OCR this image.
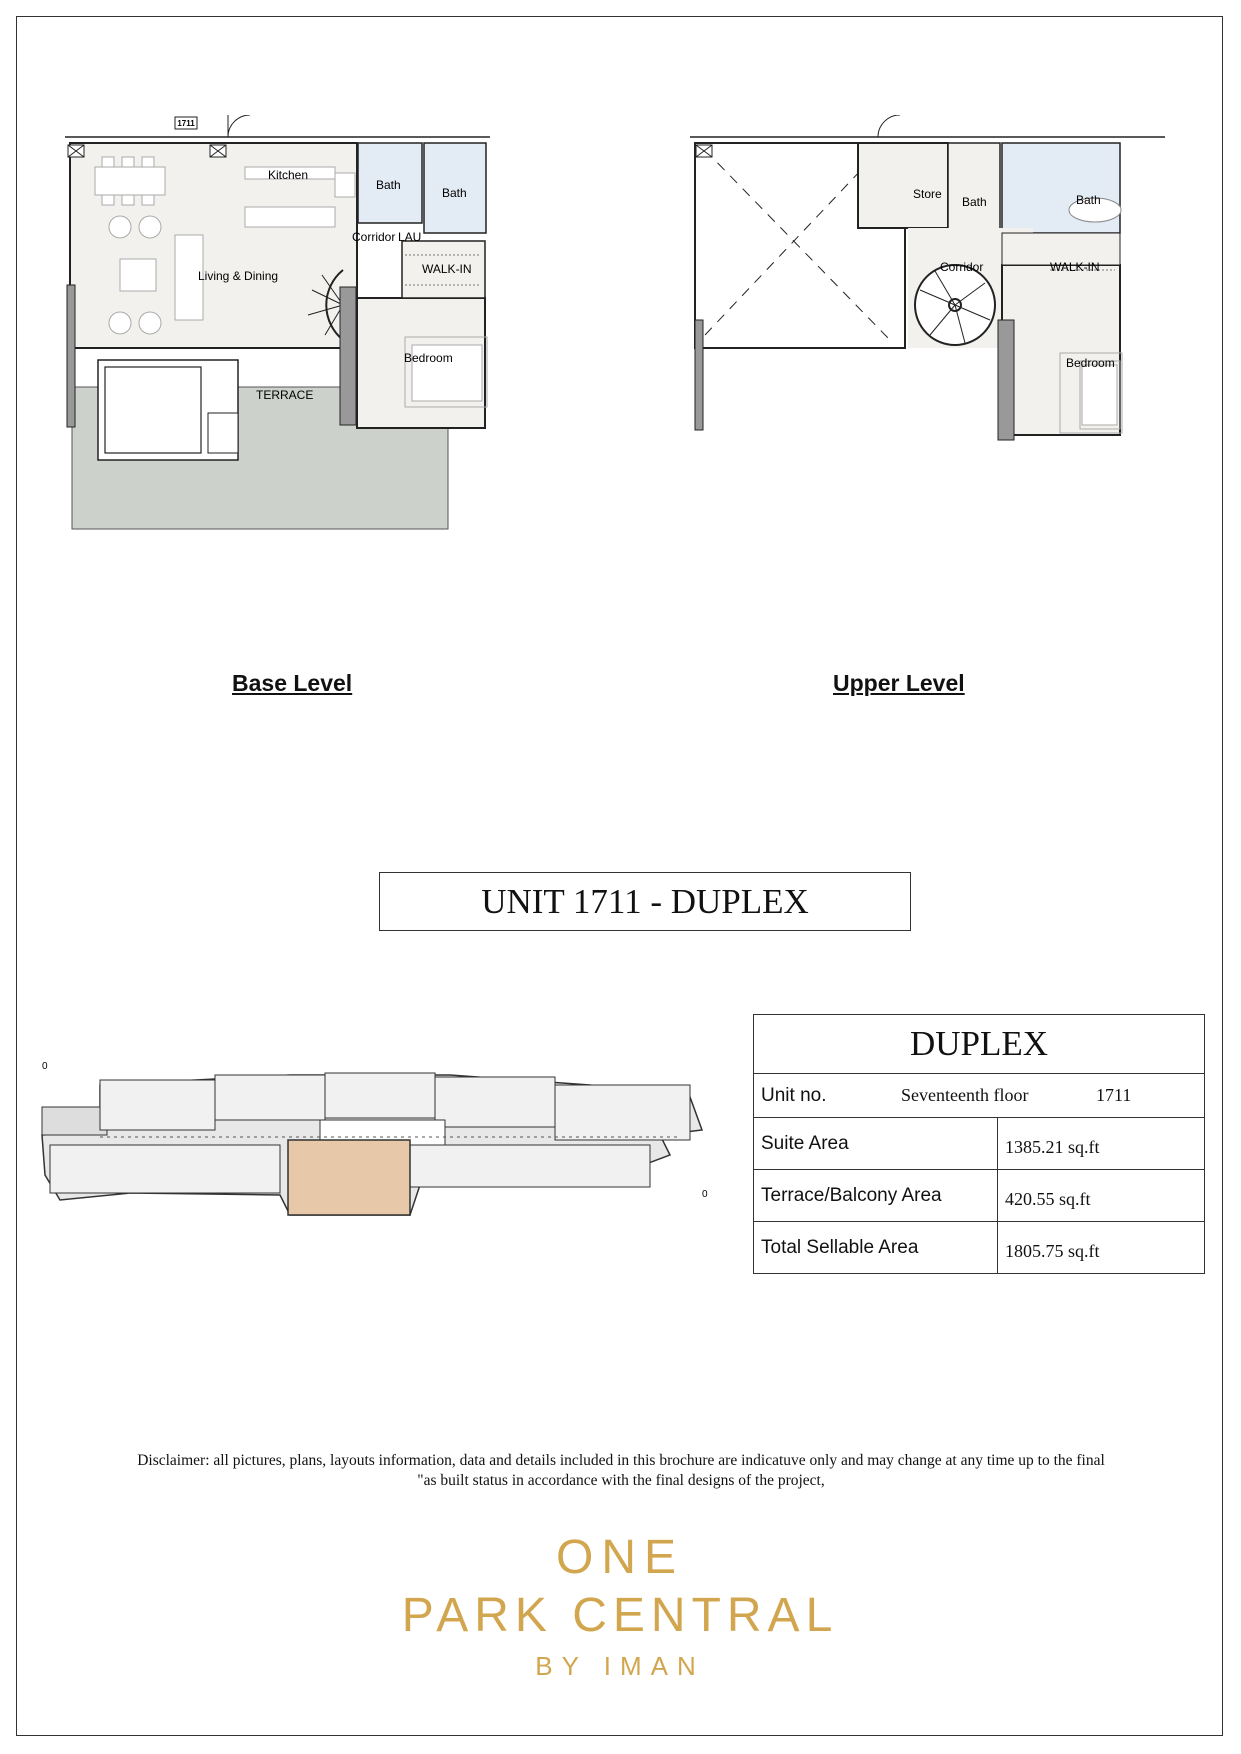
1711
Kitchen
Bath
Bath
Corridor LAU
WALK-IN
Living & Dining
Bedroom
TERRACE
Store
Bath	Bath
Corridor	WALK-IN
Bedroom
Base Level	Upper Level
UNIT 1711 - DUPLEX
0
0
DUPLEX	

Unit no. Seventeenth floor 1711	

Suite Area	1385.21 sq.ft
Terrace/Balcony Area	420.55 sq.ft
Total Sellable Area	1805.75 sq.ft
Disclaimer: all pictures, plans, layouts information, data and details included in this brochure are indicatuve only and may change at any time up to the final
"as built status in accordance with the final designs of the project,
ONE
PARK CENTRAL
BY IMAN
